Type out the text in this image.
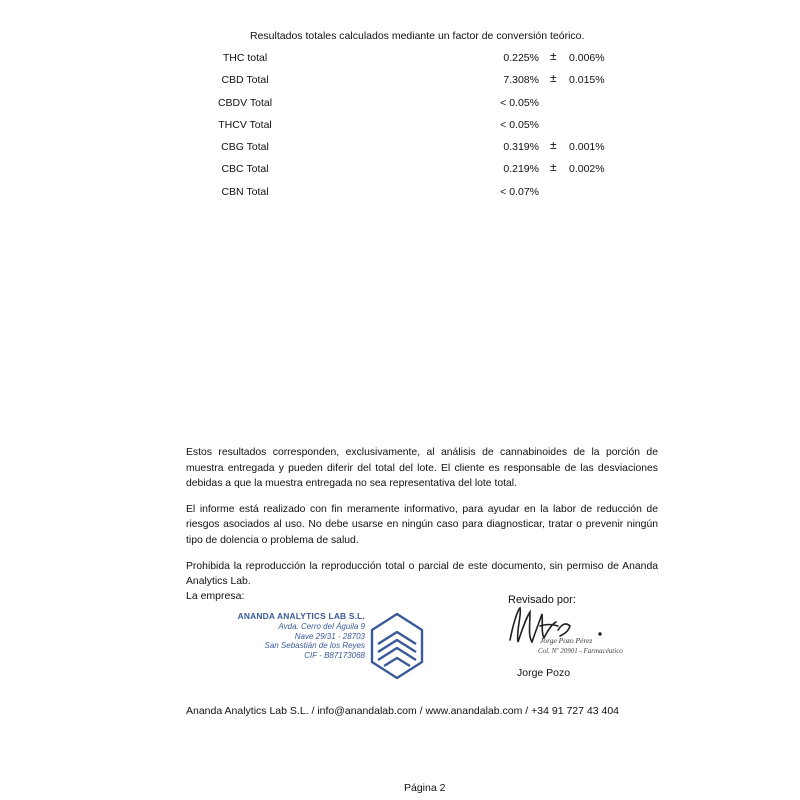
Resultados totales calculados mediante un factor de conversión teórico.
THC total	0.225% ± 0.006%
CBD Total	7.308% ± 0.015%
CBDV Total	< 0.05%
THCV Total	< 0.05%
CBG Total	0.319% ± 0.001%
CBC Total	0.219% ± 0.002%
CBN Total	< 0.07%

Estos resultados corresponden, exclusivamente, al análisis de cannabinoides de la porción de muestra entregada y pueden diferir del total del lote. El cliente es responsable de las desviaciones debidas a que la muestra entregada no sea representativa del lote total.

El informe está realizado con fin meramente informativo, para ayudar en la labor de reducción de riesgos asociados al uso. No debe usarse en ningún caso para diagnosticar, tratar o prevenir ningún tipo de dolencia o problema de salud.

Prohibida la reproducción la reproducción total o parcial de este documento, sin permiso de Ananda Analytics Lab.

La empresa:
ANANDA ANALYTICS LAB S.L.
Avda. Cerro del Águila 9
Nave 29/31 - 28703
San Sebastián de los Reyes
CIF - B87173068
Revisado por:
Jorge Pozo Pérez
Col. Nº 20901 - Farmacéutico
Jorge Pozo
Ananda Analytics Lab S.L. / info@anandalab.com / www.anandalab.com / +34 91 727 43 404
Página 2
